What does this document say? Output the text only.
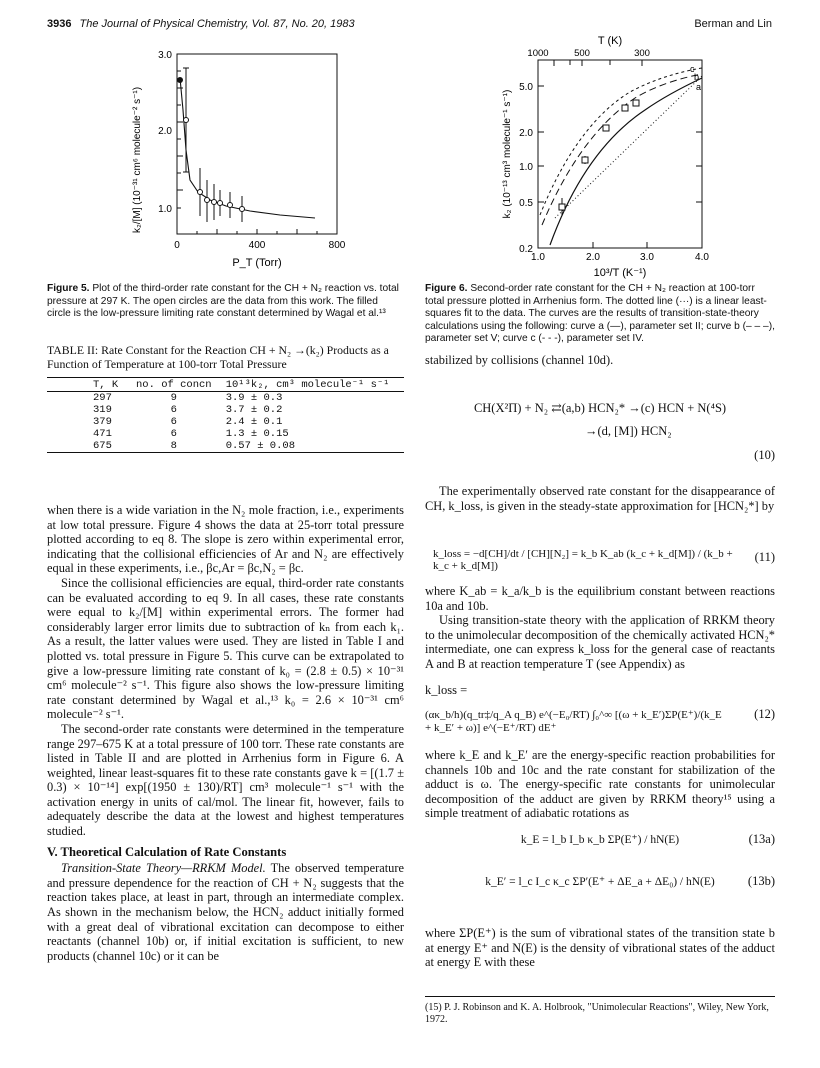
3936 The Journal of Physical Chemistry, Vol. 87, No. 20, 1983	Berman and Lin
3.0
2.0
1.0
0	400	800
P_T (Torr)
k₂/[M] (10⁻³¹ cm⁶ molecule⁻² s⁻¹)
Figure 5. Plot of the third-order rate constant for the CH + N₂ reaction vs. total pressure at 297 K. The open circles are the data from this work. The filled circle is the low-pressure limiting rate constant determined by Wagal et al.¹³
T (K)
1000	500	300
0.2
0.5
1.0
2.0
5.0
1.0	2.0	3.0	4.0
10³/T (K⁻¹)
k₂ (10⁻¹³ cm³ molecule⁻¹ s⁻¹)
c
b
a
Figure 6. Second-order rate constant for the CH + N₂ reaction at 100-torr total pressure plotted in Arrhenius form. The dotted line (···) is a linear least-squares fit to the data. The curves are the results of transition-state-theory calculations using the following: curve a (—), parameter set II; curve b (– – –), parameter set V; curve c (- - -), parameter set IV.
TABLE II: Rate Constant for the Reaction CH + N₂ →(k₂) Products as a Function of Temperature at 100-torr Total Pressure
T, K	no. of concn	10¹³k₂, cm³ molecule⁻¹ s⁻¹
297	9	3.9 ± 0.3
319	6	3.7 ± 0.2
379	6	2.4 ± 0.1
471	6	1.3 ± 0.15
675	8	0.57 ± 0.08

when there is a wide variation in the N₂ mole fraction, i.e., experiments at low total pressure. Figure 4 shows the data at 25-torr total pressure plotted according to eq 8. The slope is zero within experimental error, indicating that the collisional efficiencies of Ar and N₂ are effectively equal in these experiments, i.e., βc,Ar = βc,N₂ = βc.

Since the collisional efficiencies are equal, third-order rate constants can be evaluated according to eq 9. In all cases, these rate constants were equal to k₂/[M] within experimental errors. The former had considerably larger error limits due to subtraction of kₙ from each k₁. As a result, the latter values were used. They are listed in Table I and plotted vs. total pressure in Figure 5. This curve can be extrapolated to give a low-pressure limiting rate constant of k₀ = (2.8 ± 0.5) × 10⁻³¹ cm⁶ molecule⁻² s⁻¹. This figure also shows the low-pressure limiting rate constant determined by Wagal et al.,¹³ k₀ = 2.6 × 10⁻³¹ cm⁶ molecule⁻² s⁻¹.

The second-order rate constants were determined in the temperature range 297–675 K at a total pressure of 100 torr. These rate constants are listed in Table II and are plotted in Arrhenius form in Figure 6. A weighted, linear least-squares fit to these rate constants gave k = [(1.7 ± 0.3) × 10⁻¹⁴] exp[(1950 ± 130)/RT] cm³ molecule⁻¹ s⁻¹ with the activation energy in units of cal/mol. The linear fit, however, fails to adequately describe the data at the lowest and highest temperatures studied.

V. Theoretical Calculation of Rate Constants

Transition-State Theory—RRKM Model. The observed temperature and pressure dependence for the reaction of CH + N₂ suggests that the reaction takes place, at least in part, through an intermediate complex. As shown in the mechanism below, the HCN₂ adduct initially formed with a great deal of vibrational excitation can decompose to either reactants (channel 10b) or, if initial excitation is sufficient, to new products (channel 10c) or it can be

stabilized by collisions (channel 10d).

CH(X²Π) + N₂ ⇄(a,b) HCN₂* →(c) HCN + N(⁴S)
→(d, [M]) HCN₂
(10)

The experimentally observed rate constant for the disappearance of CH, k_loss, is given in the steady-state approximation for [HCN₂*] by

k_loss = −d[CH]/dt / [CH][N₂] = k_b K_ab (k_c + k_d[M]) / (k_b + k_c + k_d[M])
(11)

where K_ab = k_a/k_b is the equilibrium constant between reactions 10a and 10b.

Using transition-state theory with the application of RRKM theory to the unimolecular decomposition of the chemically activated HCN₂* intermediate, one can express k_loss for the general case of reactants A and B at reaction temperature T (see Appendix) as

k_loss =
(ακ_b/h)(q_tr‡/q_A q_B) e^(−E₀/RT) ∫₀^∞ [(ω + k_E′)ΣP(E⁺)/(k_E + k_E′ + ω)] e^(−E⁺/RT) dE⁺
(12)

where k_E and k_E′ are the energy-specific reaction probabilities for channels 10b and 10c and the rate constant for stabilization of the adduct is ω. The energy-specific rate constants for unimolecular decomposition of the adduct are given by RRKM theory¹⁵ using a simple treatment of adiabatic rotations as

k_E = l_b I_b κ_b ΣP(E⁺) / hN(E)	(13a)
k_E′ = l_c I_c κ_c ΣP′(E⁺ + ΔE_a + ΔE₀) / hN(E)	(13b)

where ΣP(E⁺) is the sum of vibrational states of the transition state b at energy E⁺ and N(E) is the density of vibrational states of the adduct at energy E with these

(15) P. J. Robinson and K. A. Holbrook, "Unimolecular Reactions", Wiley, New York, 1972.
